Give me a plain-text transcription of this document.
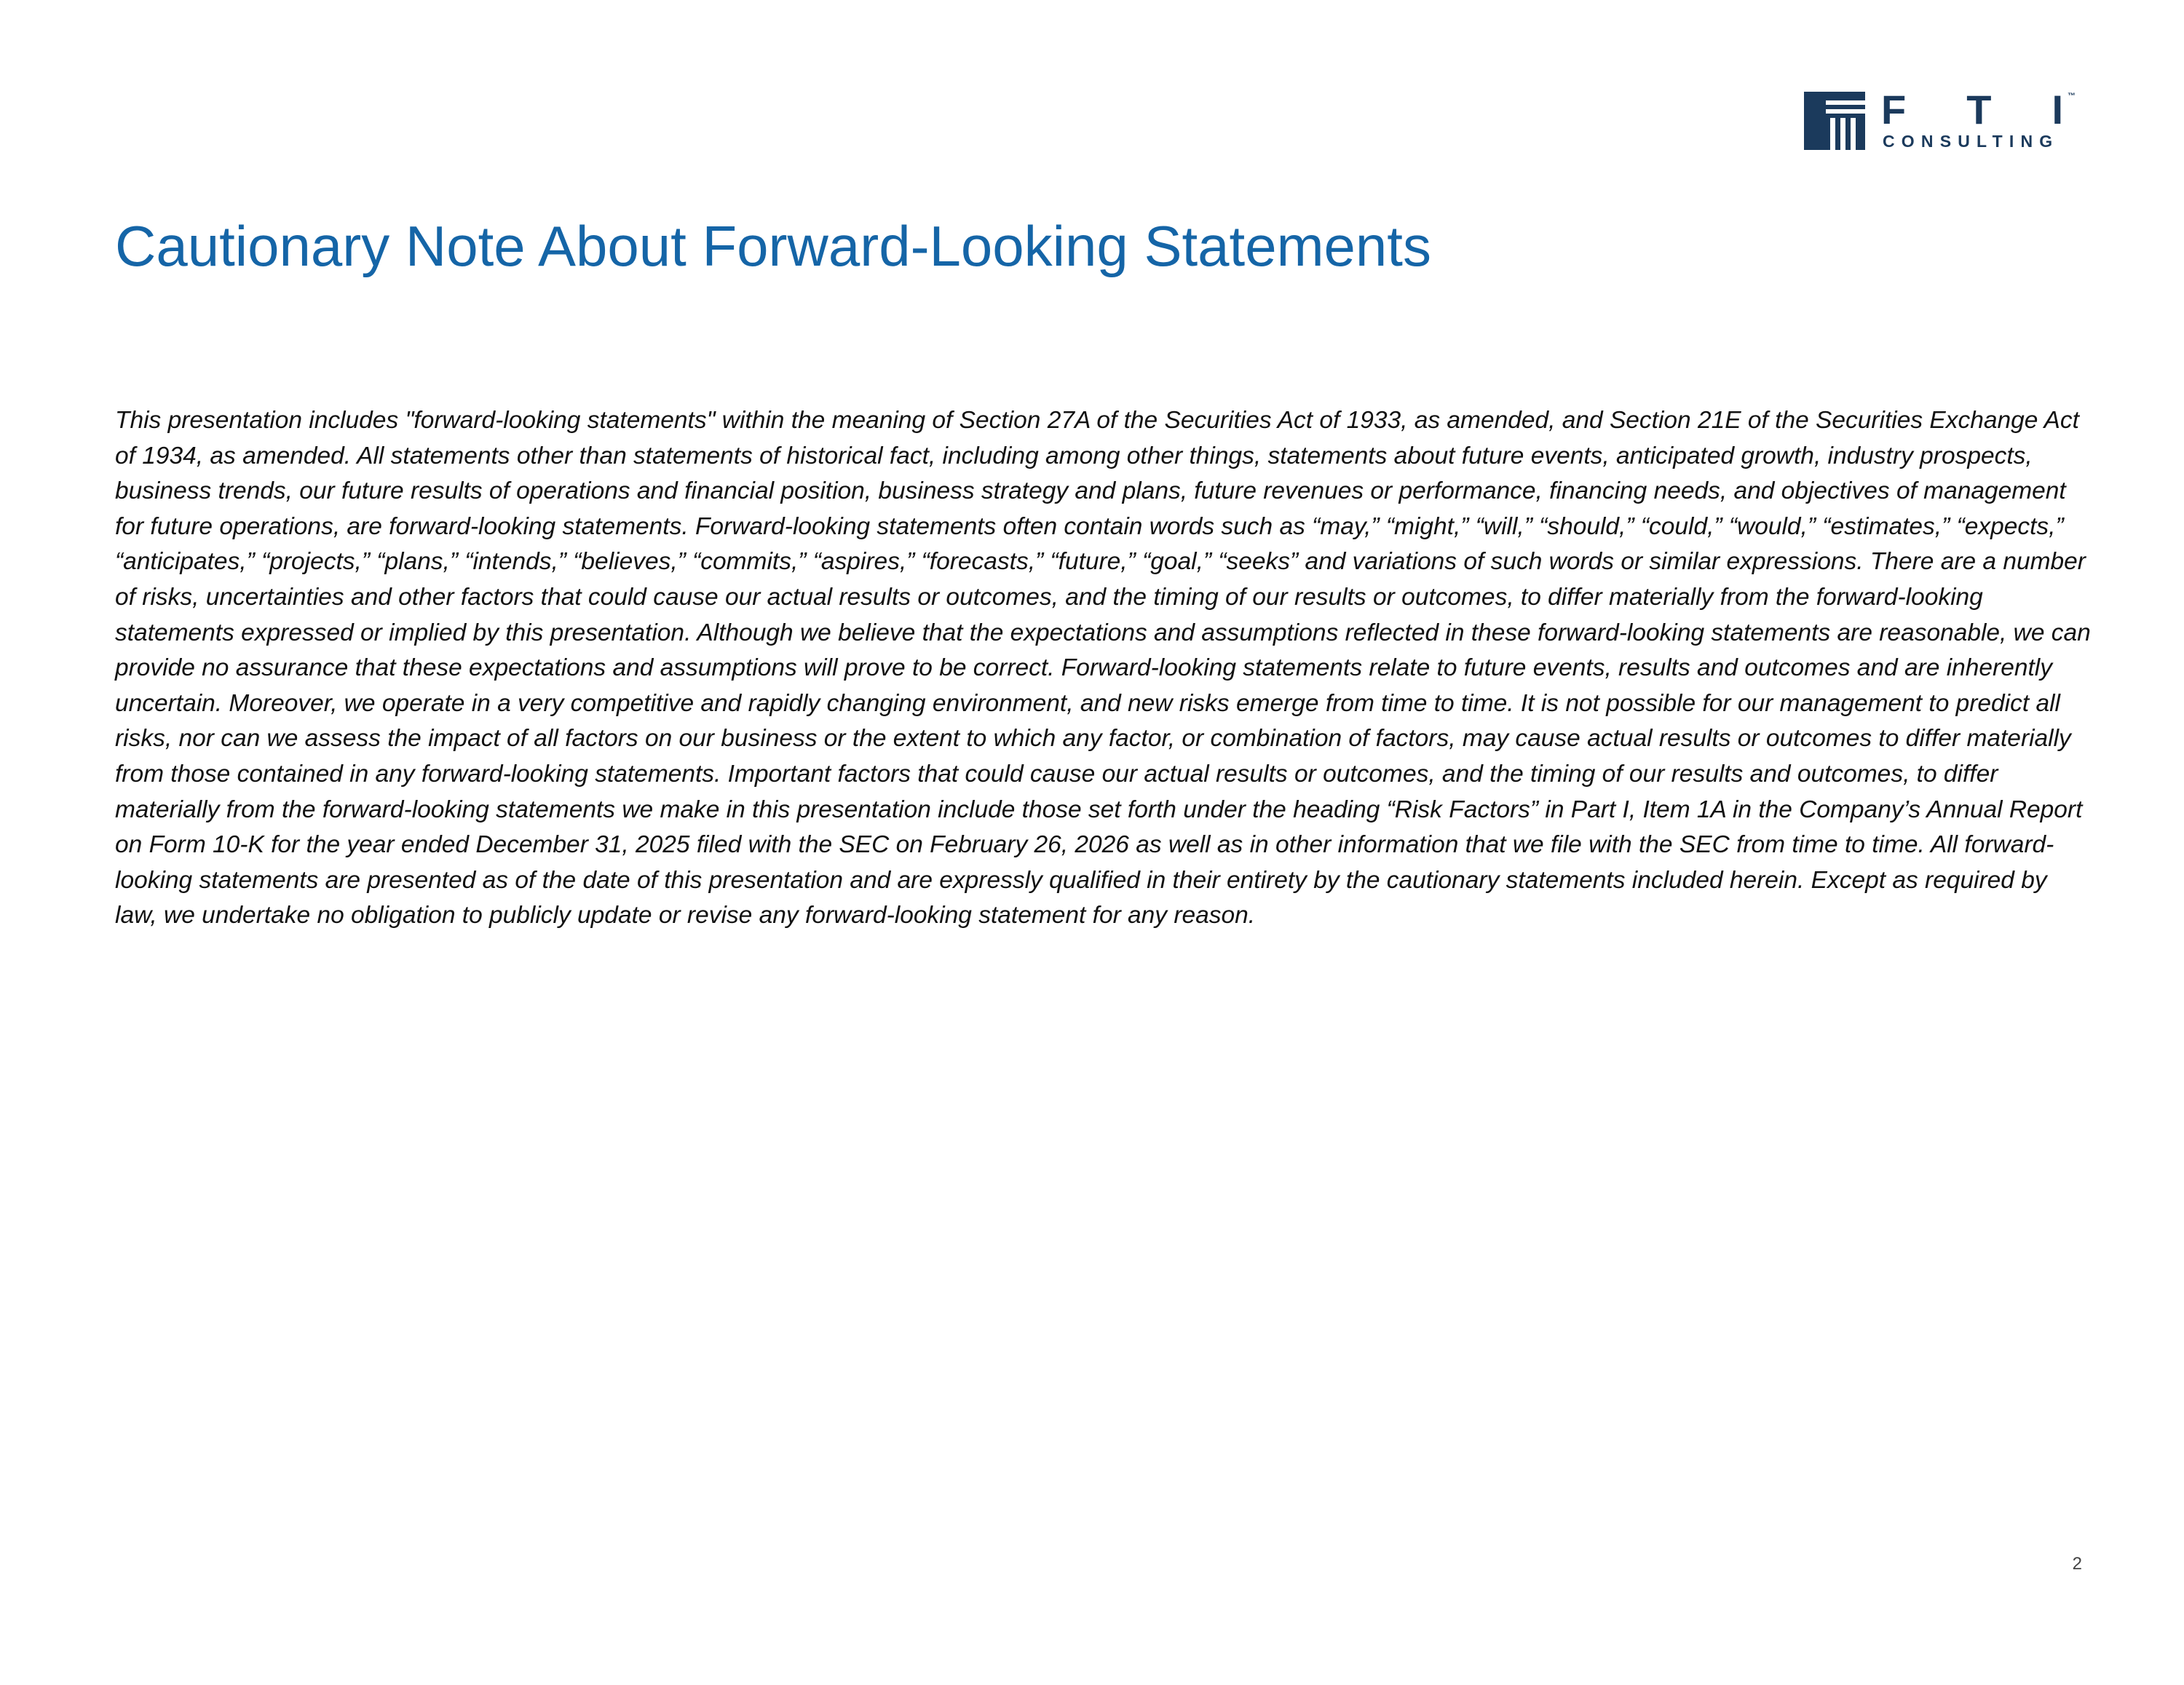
F T I ™
CONSULTING
Cautionary Note About Forward-Looking Statements

This presentation includes "forward-looking statements" within the meaning of Section 27A of the Securities Act of 1933, as amended, and Section 21E of the Securities Exchange Act of 1934, as amended. All statements other than statements of historical fact, including among other things, statements about future events, anticipated growth, industry prospects, business trends, our future results of operations and financial position, business strategy and plans, future revenues or performance, financing needs, and objectives of management for future operations, are forward-looking statements. Forward-looking statements often contain words such as “may,” “might,” “will,” “should,” “could,” “would,” “estimates,” “expects,” “anticipates,” “projects,” “plans,” “intends,” “believes,” “commits,” “aspires,” “forecasts,” “future,” “goal,” “seeks” and variations of such words or similar expressions. There are a number of risks, uncertainties and other factors that could cause our actual results or outcomes, and the timing of our results or outcomes, to differ materially from the forward-looking statements expressed or implied by this presentation. Although we believe that the expectations and assumptions reflected in these forward-looking statements are reasonable, we can provide no assurance that these expectations and assumptions will prove to be correct. Forward-looking statements relate to future events, results and outcomes and are inherently uncertain. Moreover, we operate in a very competitive and rapidly changing environment, and new risks emerge from time to time. It is not possible for our management to predict all risks, nor can we assess the impact of all factors on our business or the extent to which any factor, or combination of factors, may cause actual results or outcomes to differ materially from those contained in any forward-looking statements. Important factors that could cause our actual results or outcomes, and the timing of our results and outcomes, to differ materially from the forward-looking statements we make in this presentation include those set forth under the heading “Risk Factors” in Part I, Item 1A in the Company’s Annual Report on Form 10-K for the year ended December 31, 2025 filed with the SEC on February 26, 2026 as well as in other information that we file with the SEC from time to time. All forward-looking statements are presented as of the date of this presentation and are expressly qualified in their entirety by the cautionary statements included herein. Except as required by law, we undertake no obligation to publicly update or revise any forward-looking statement for any reason.

2
